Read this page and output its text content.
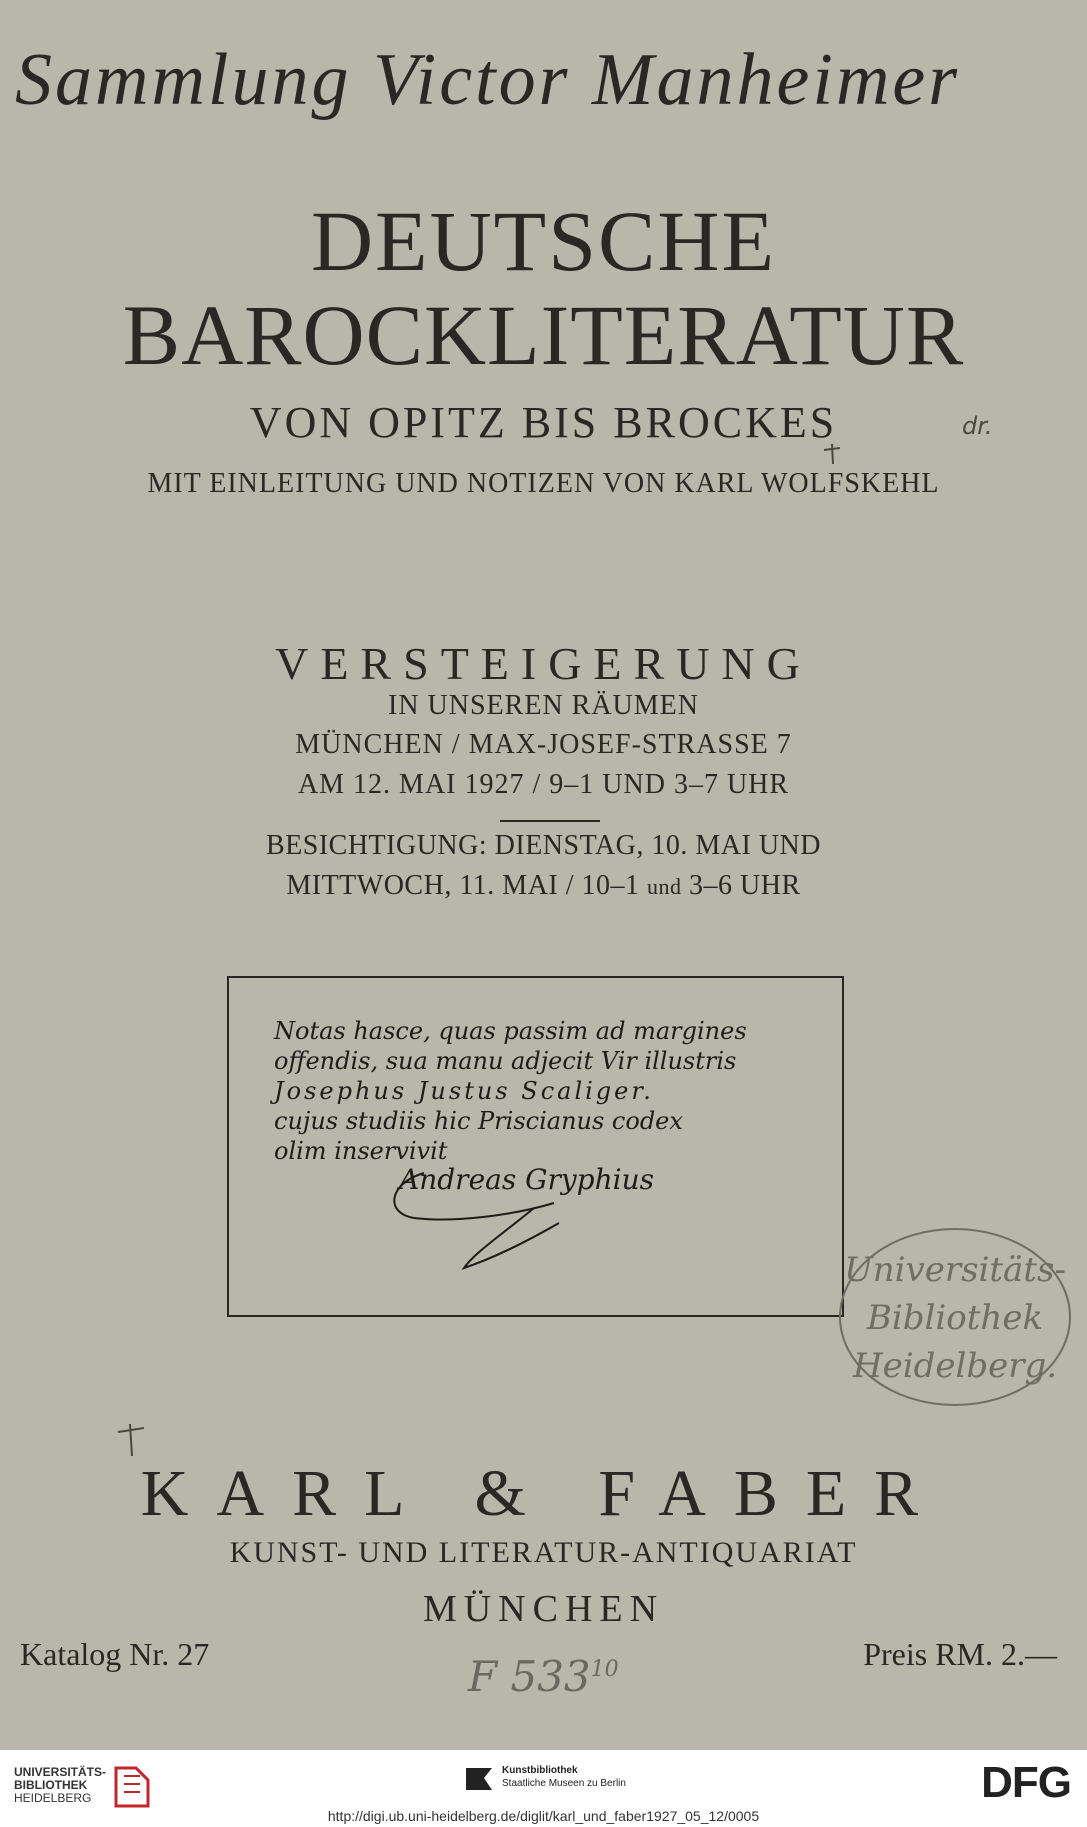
Sammlung Victor Manheimer
DEUTSCHE
BAROCKLITERATUR
VON OPITZ BIS BROCKES	dr.
MIT EINLEITUNG UND NOTIZEN VON KARL WOLFSKEHL
VERSTEIGERUNG
IN UNSEREN RÄUMEN
MÜNCHEN / MAX-JOSEF-STRASSE 7
AM 12. MAI 1927 / 9–1 UND 3–7 UHR
BESICHTIGUNG: DIENSTAG, 10. MAI UND
MITTWOCH, 11. MAI / 10–1 und 3–6 UHR
Notas hasce, quas passim ad margines
offendis, sua manu adjecit Vir illustris
Josephus Justus Scaliger.
cujus studiis hic Priscianus codex
olim inservivit
Andreas Gryphius
Universitäts-
Bibliothek
Heidelberg.
KARL & FABER
KUNST- UND LITERATUR-ANTIQUARIAT
MÜNCHEN
Katalog Nr. 27	Preis RM. 2.—
F $533^{10}$
UNIVERSITÄTS-
BIBLIOTHEK
HEIDELBERG
Kunstbibliothek
Staatliche Museen zu Berlin	DFG
http://digi.ub.uni-heidelberg.de/diglit/karl_und_faber1927_05_12/0005
